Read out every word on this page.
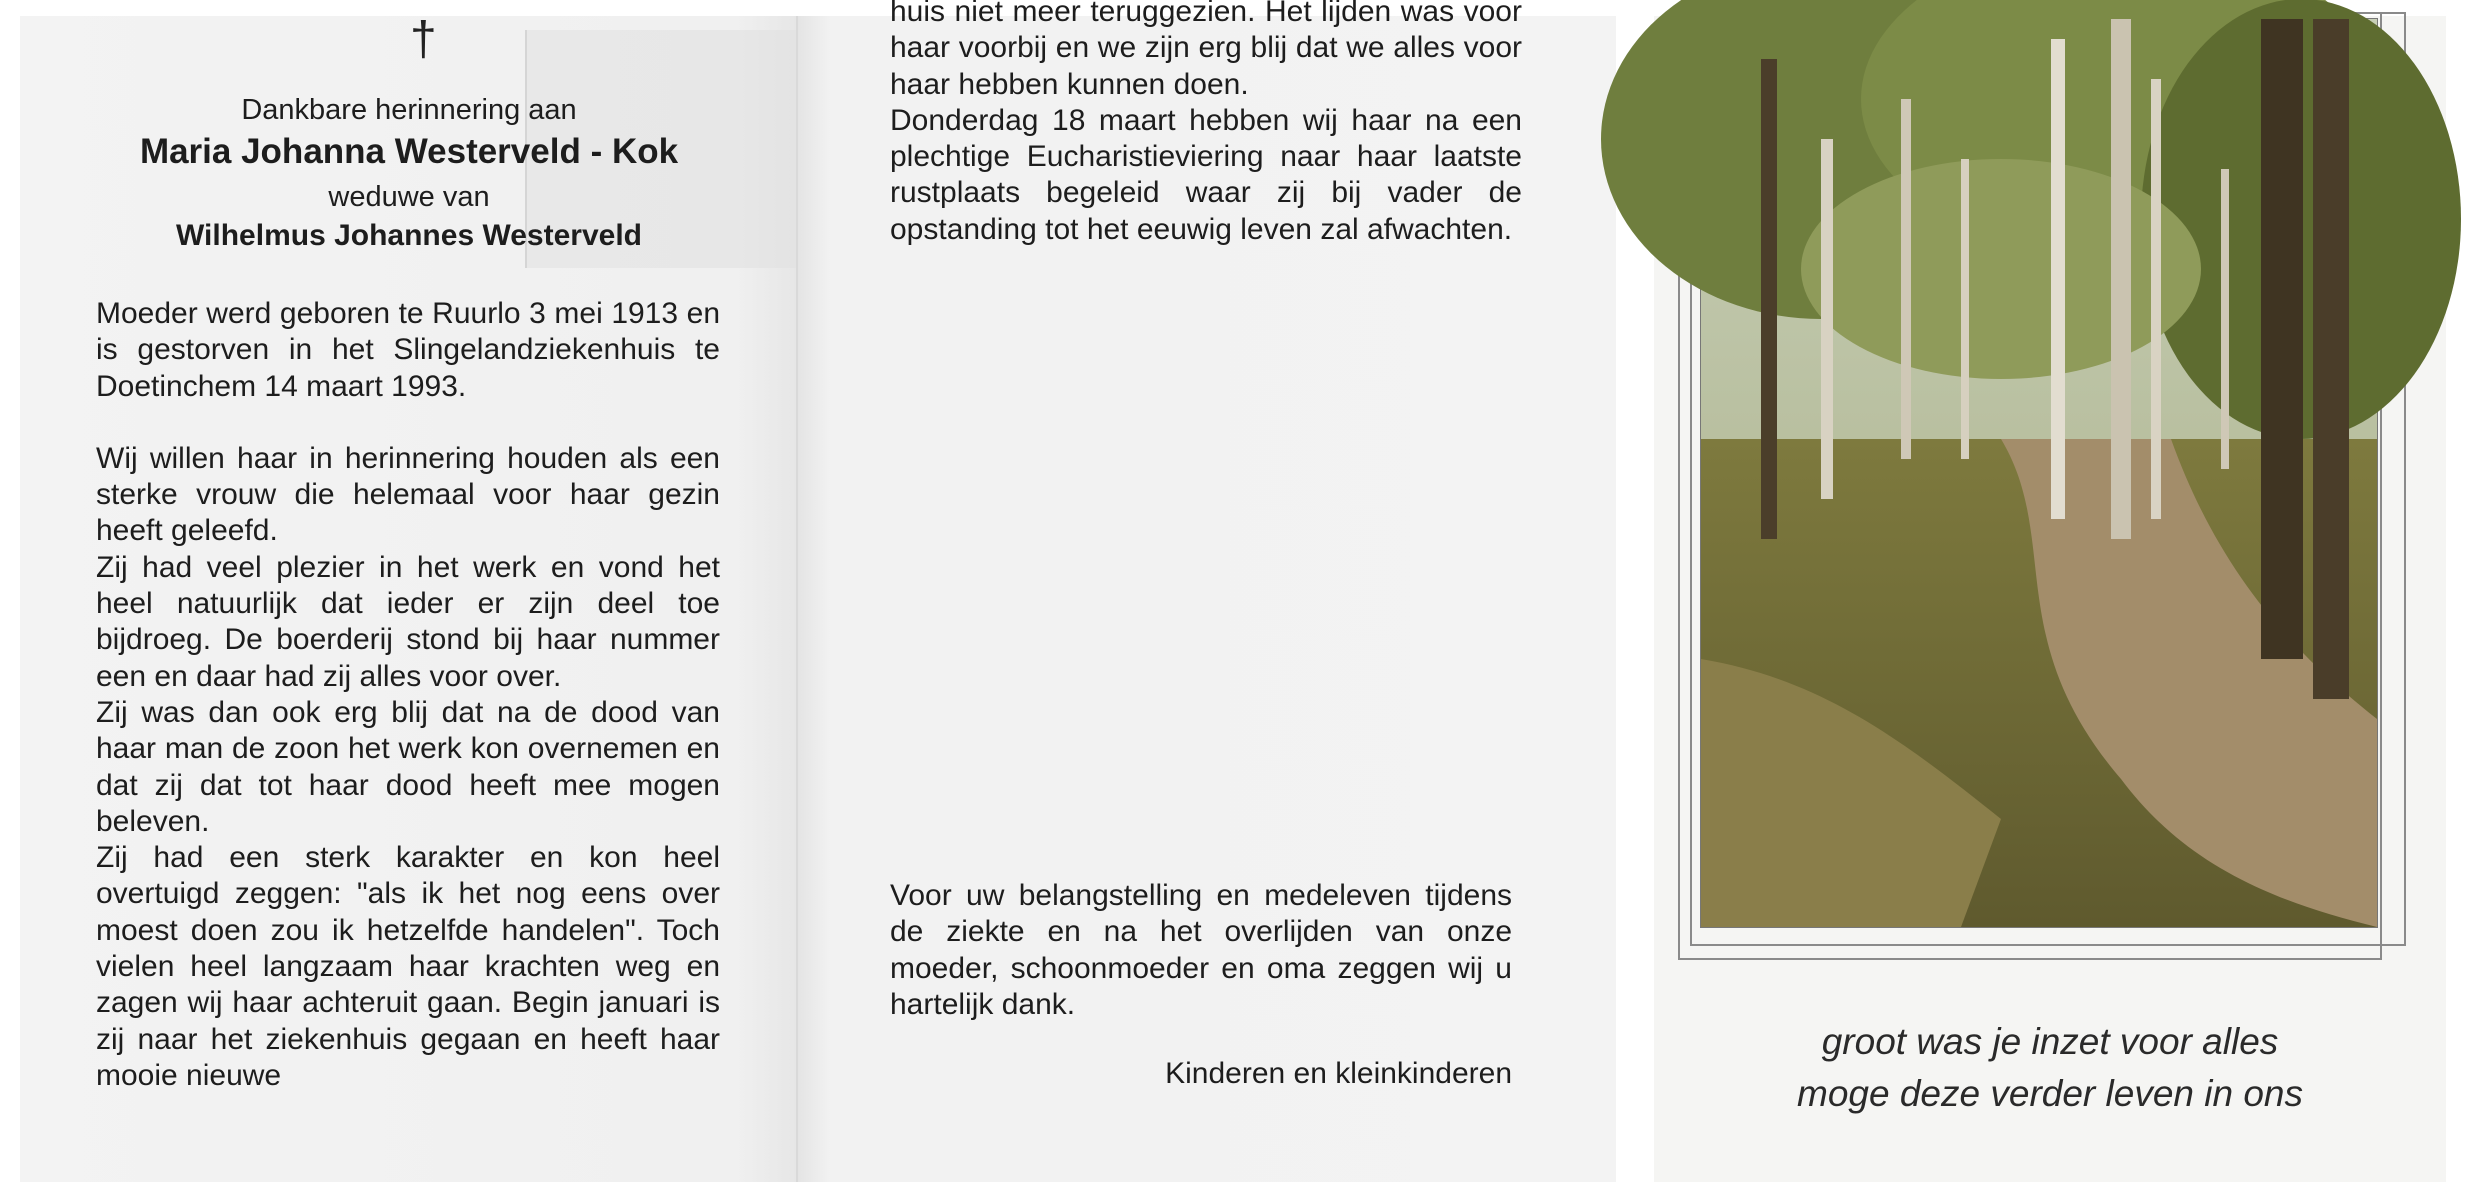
†
Dankbare herinnering aan
Maria Johanna Westerveld - Kok
weduwe van
Wilhelmus Johannes Westerveld

Moeder werd geboren te Ruurlo 3 mei 1913 en is gestorven in het Slingelandziekenhuis te Doetinchem 14 maart 1993.

Wij willen haar in herinnering houden als een sterke vrouw die helemaal voor haar gezin heeft geleefd.

Zij had veel plezier in het werk en vond het heel natuurlijk dat ieder er zijn deel toe bijdroeg. De boerderij stond bij haar nummer een en daar had zij alles voor over.

Zij was dan ook erg blij dat na de dood van haar man de zoon het werk kon overnemen en dat zij dat tot haar dood heeft mee mogen beleven.

Zij had een sterk karakter en kon heel overtuigd zeggen: "als ik het nog eens over moest doen zou ik hetzelfde handelen". Toch vielen heel langzaam haar krachten weg en zagen wij haar achteruit gaan. Begin januari is zij naar het ziekenhuis gegaan en heeft haar mooie nieuwe

huis niet meer teruggezien. Het lijden was voor haar voorbij en we zijn erg blij dat we alles voor haar hebben kunnen doen.

Donderdag 18 maart hebben wij haar na een plechtige Eucharistieviering naar haar laatste rustplaats begeleid waar zij bij vader de opstanding tot het eeuwig leven zal afwachten.

Voor uw belangstelling en medeleven tijdens de ziekte en na het overlijden van onze moeder, schoonmoeder en oma zeggen wij u hartelijk dank.

Kinderen en kleinkinderen
groot was je inzet voor alles
moge deze verder leven in ons
